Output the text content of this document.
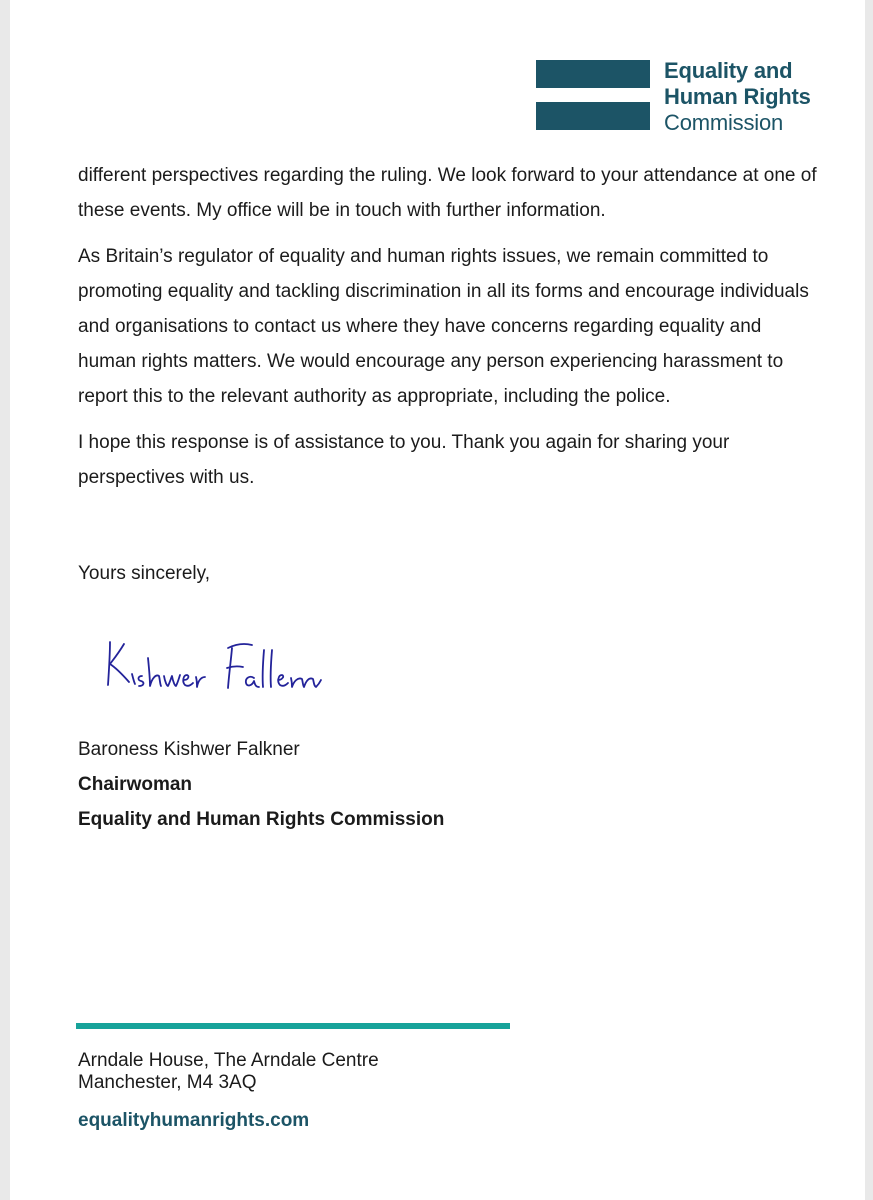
Equality and
Human Rights
Commission

different perspectives regarding the ruling. We look forward to your attendance at one of these events. My office will be in touch with further information.

As Britain’s regulator of equality and human rights issues, we remain committed to promoting equality and tackling discrimination in all its forms and encourage individuals and organisations to contact us where they have concerns regarding equality and human rights matters. We would encourage any person experiencing harassment to report this to the relevant authority as appropriate, including the police.

I hope this response is of assistance to you. Thank you again for sharing your perspectives with us.

Yours sincerely,

Baroness Kishwer Falkner
Chairwoman
Equality and Human Rights Commission
Arndale House, The Arndale Centre
Manchester, M4 3AQ
equalityhumanrights.com
